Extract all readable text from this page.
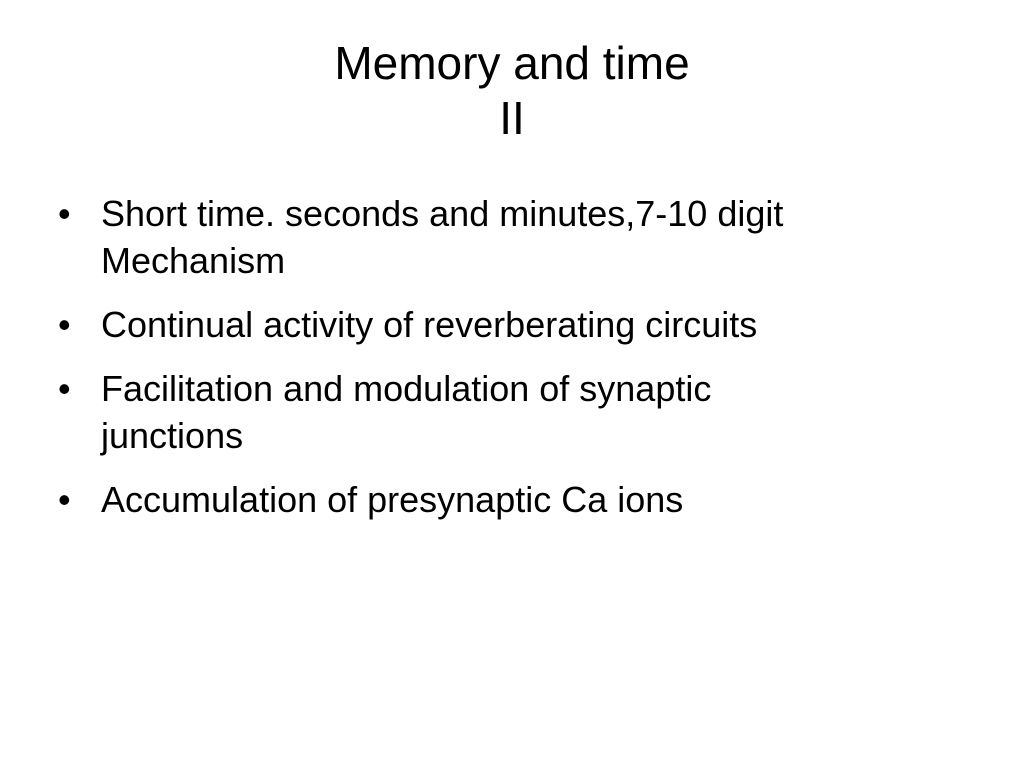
Memory and time
II
• Short time. seconds and minutes,7-10 digit
Mechanism
• Continual activity of reverberating circuits
• Facilitation and modulation of synaptic
junctions
• Accumulation of presynaptic Ca ions
